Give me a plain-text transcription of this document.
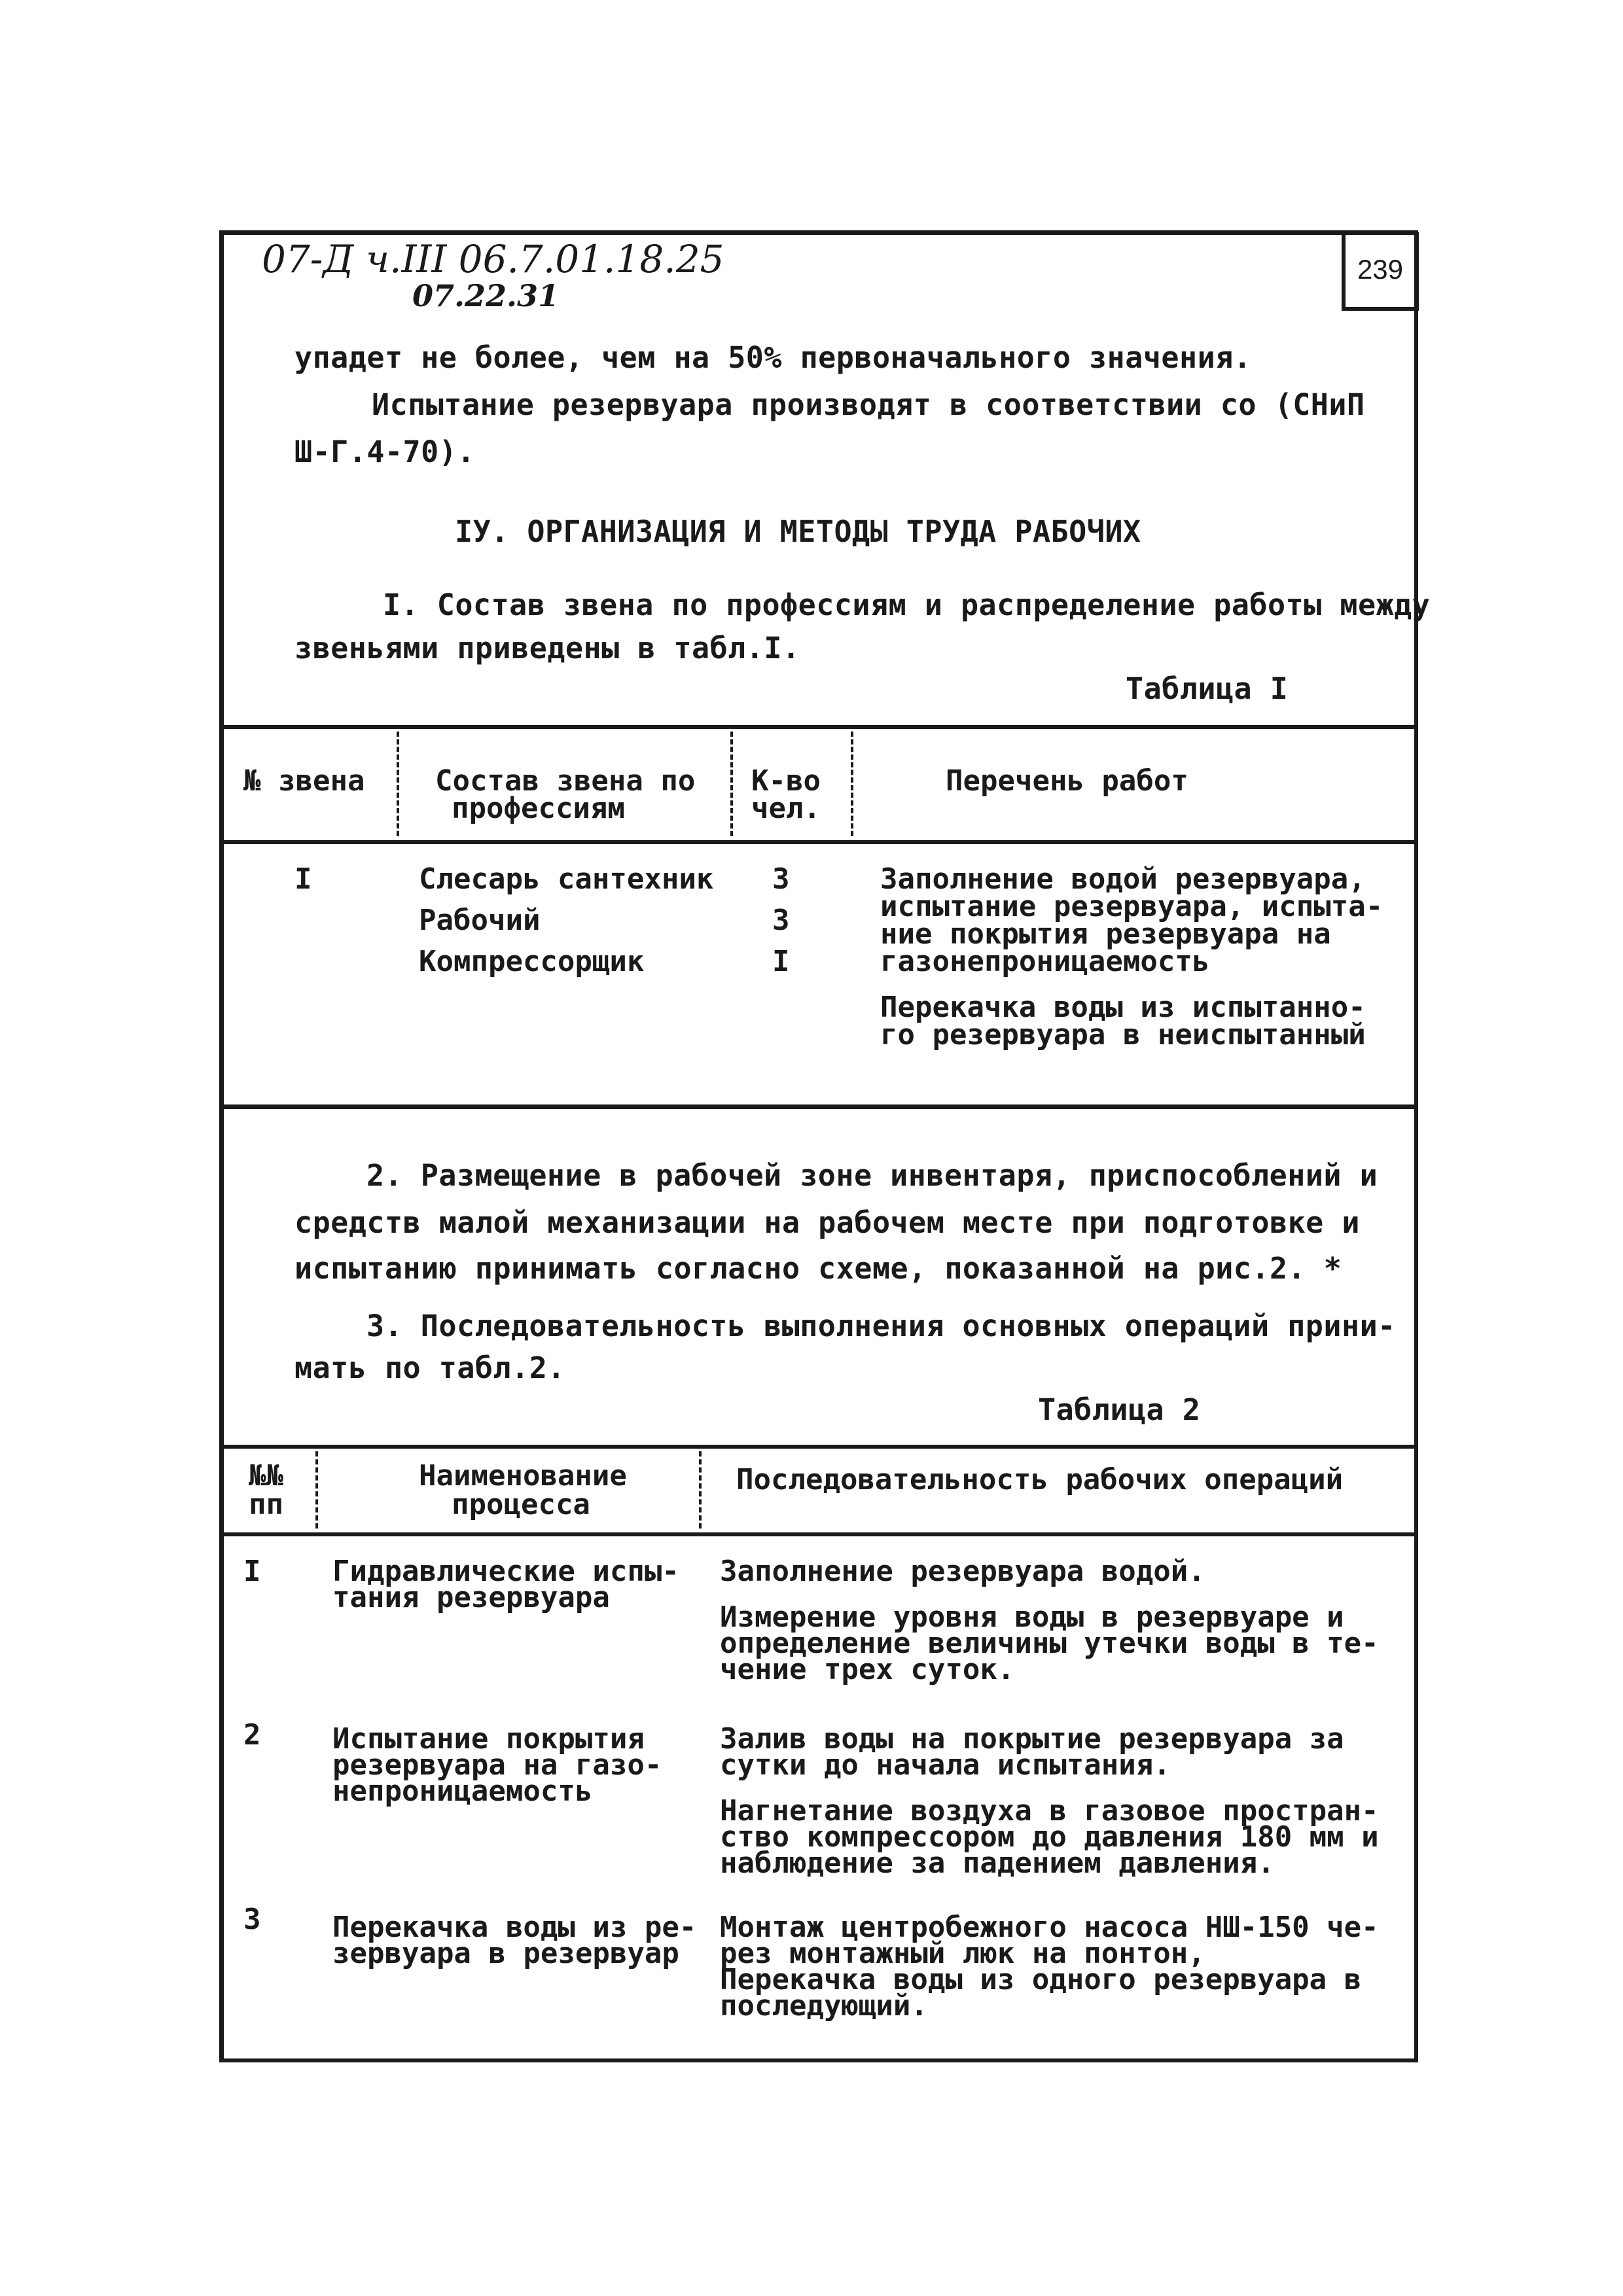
07-Д ч.III 06.7.01.18.25
07.22.31
239
упадет не более, чем на 50% первоначального значения.
Испытание резервуара производят в соответствии со (СНиП
Ш-Г.4-70).
IУ. ОРГАНИЗАЦИЯ И МЕТОДЫ ТРУДА РАБОЧИХ
I. Состав звена по профессиям и распределение работы между
звеньями приведены в табл.I.
Таблица I
№ звена Состав звена по
профессиям
К-во
чел.
Перечень работ
I	Слесарь сантехник
Рабочий
Компрессорщик
3
3
I
Заполнение водой резервуара,
испытание резервуара, испыта-
ние покрытия резервуара на
газонепроницаемость
Перекачка воды из испытанно-
го резервуара в неиспытанный
2. Размещение в рабочей зоне инвентаря, приспособлений и
средств малой механизации на рабочем месте при подготовке и
испытанию принимать согласно схеме, показанной на рис.2. *
3. Последовательность выполнения основных операций прини-
мать по табл.2.
Таблица 2
№№
пп
Наименование
процесса
Последовательность рабочих операций
I Гидравлические испы-
тания резервуара
Заполнение резервуара водой.
Измерение уровня воды в резервуаре и
определение величины утечки воды в те-
чение трех суток.
2 Испытание покрытия
резервуара на газо-
непроницаемость
Залив воды на покрытие резервуара за
сутки до начала испытания.
Нагнетание воздуха в газовое простран-
ство компрессором до давления 180 мм и
наблюдение за падением давления.
3 Перекачка воды из ре-
зервуара в резервуар
Монтаж центробежного насоса НШ-150 че-
рез монтажный люк на понтон,
Перекачка воды из одного резервуара в
последующий.
